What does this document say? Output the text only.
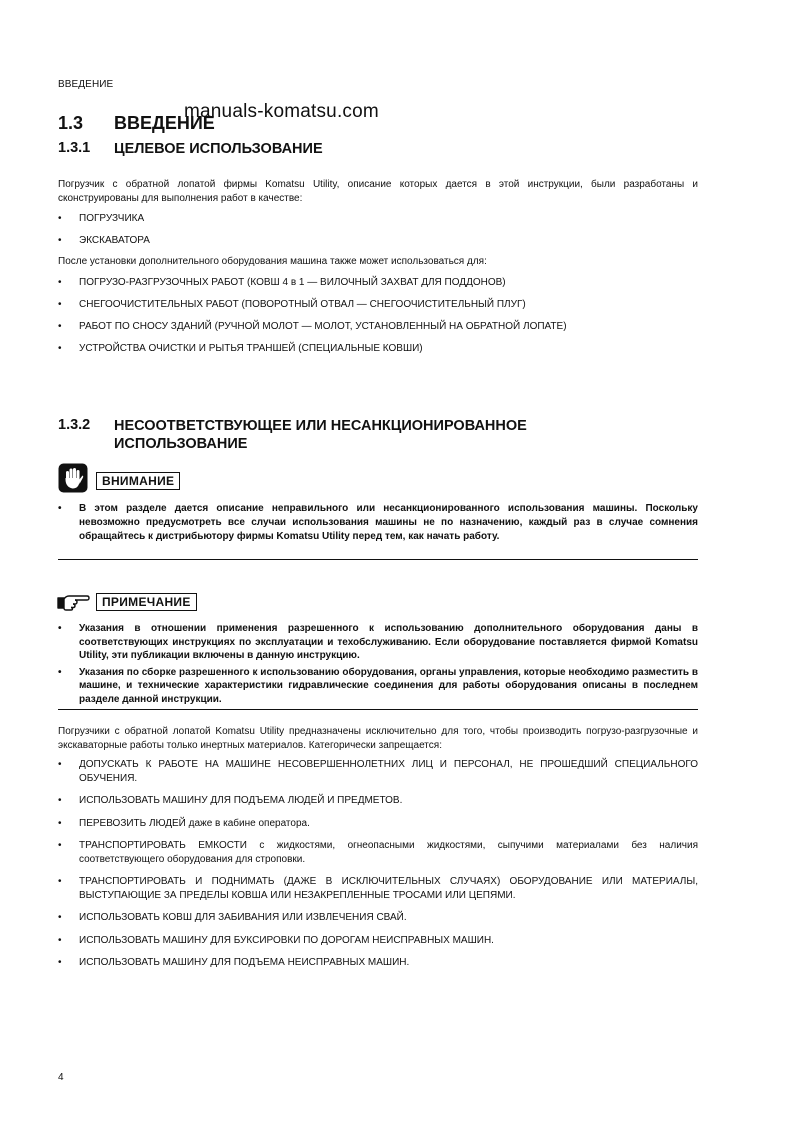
ВВЕДЕНИЕ
manuals-komatsu.com
1.3 ВВЕДЕНИЕ
1.3.1 ЦЕЛЕВОЕ ИСПОЛЬЗОВАНИЕ
Погрузчик с обратной лопатой фирмы Komatsu Utility, описание которых дается в этой инструкции, были разработаны и сконструированы для выполнения работ в качестве:
• ПОГРУЗЧИКА
• ЭКСКАВАТОРА
После установки дополнительного оборудования машина также может использоваться для:
• ПОГРУЗО-РАЗГРУЗОЧНЫХ РАБОТ (КОВШ 4 в 1 — ВИЛОЧНЫЙ ЗАХВАТ ДЛЯ ПОДДОНОВ)
• СНЕГООЧИСТИТЕЛЬНЫХ РАБОТ (ПОВОРОТНЫЙ ОТВАЛ — СНЕГООЧИСТИТЕЛЬНЫЙ ПЛУГ)
• РАБОТ ПО СНОСУ ЗДАНИЙ (РУЧНОЙ МОЛОТ — МОЛОТ, УСТАНОВЛЕННЫЙ НА ОБРАТНОЙ ЛОПАТЕ)
• УСТРОЙСТВА ОЧИСТКИ И РЫТЬЯ ТРАНШЕЙ (СПЕЦИАЛЬНЫЕ КОВШИ)
1.3.2 НЕСООТВЕТСТВУЮЩЕЕ ИЛИ НЕСАНКЦИОНИРОВАННОЕ
ИСПОЛЬЗОВАНИЕ
ВНИМАНИЕ
• В этом разделе дается описание неправильного или несанкционированного использования машины. Поскольку невозможно предусмотреть все случаи использования машины не по назначению, каждый раз в случае сомнения обращайтесь к дистрибьютору фирмы Komatsu Utility перед тем, как начать работу.
ПРИМЕЧАНИЕ
• Указания в отношении применения разрешенного к использованию дополнительного оборудования даны в соответствующих инструкциях по эксплуатации и техобслуживанию. Если оборудование поставляется фирмой Komatsu Utility, эти публикации включены в данную инструкцию.
• Указания по сборке разрешенного к использованию оборудования, органы управления, которые необходимо разместить в машине, и технические характеристики гидравлические соединения для работы оборудования описаны в последнем разделе данной инструкции.
Погрузчики с обратной лопатой Komatsu Utility предназначены исключительно для того, чтобы производить погрузо-разгрузочные и экскаваторные работы только инертных материалов. Категорически запрещается:
• ДОПУСКАТЬ К РАБОТЕ НА МАШИНЕ НЕСОВЕРШЕННОЛЕТНИХ ЛИЦ И ПЕРСОНАЛ, НЕ ПРОШЕДШИЙ СПЕЦИАЛЬНОГО ОБУЧЕНИЯ.
• ИСПОЛЬЗОВАТЬ МАШИНУ ДЛЯ ПОДЪЕМА ЛЮДЕЙ И ПРЕДМЕТОВ.
• ПЕРЕВОЗИТЬ ЛЮДЕЙ даже в кабине оператора.
• ТРАНСПОРТИРОВАТЬ ЕМКОСТИ с жидкостями, огнеопасными жидкостями, сыпучими материалами без наличия соответствующего оборудования для строповки.
• ТРАНСПОРТИРОВАТЬ И ПОДНИМАТЬ (ДАЖЕ В ИСКЛЮЧИТЕЛЬНЫХ СЛУЧАЯХ) ОБОРУДОВАНИЕ ИЛИ МАТЕРИАЛЫ, ВЫСТУПАЮЩИЕ ЗА ПРЕДЕЛЫ КОВША ИЛИ НЕЗАКРЕПЛЕННЫЕ ТРОСАМИ ИЛИ ЦЕПЯМИ.
• ИСПОЛЬЗОВАТЬ КОВШ ДЛЯ ЗАБИВАНИЯ ИЛИ ИЗВЛЕЧЕНИЯ СВАЙ.
• ИСПОЛЬЗОВАТЬ МАШИНУ ДЛЯ БУКСИРОВКИ ПО ДОРОГАМ НЕИСПРАВНЫХ МАШИН.
• ИСПОЛЬЗОВАТЬ МАШИНУ ДЛЯ ПОДЪЕМА НЕИСПРАВНЫХ МАШИН.
4
